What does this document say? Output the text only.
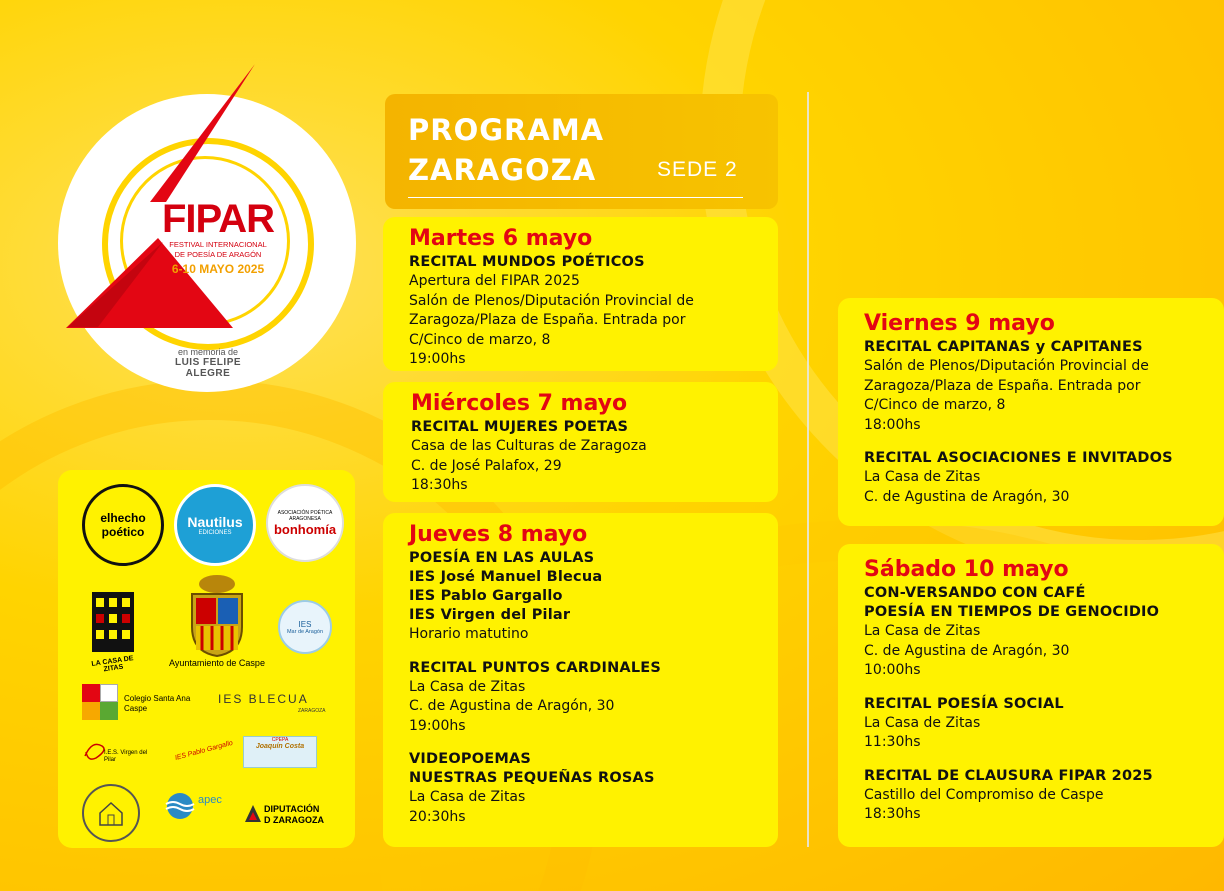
FIPAR
FESTIVAL INTERNACIONAL
DE POESÍA DE ARAGÓN
6-10 MAYO 2025
en memoria de
LUIS FELIPE ALEGRE
PROGRAMA
ZARAGOZA	SEDE 2
Martes 6 mayo
RECITAL MUNDOS POÉTICOS
Apertura del FIPAR 2025
Salón de Plenos/Diputación Provincial de
Zaragoza/Plaza de España. Entrada por
C/Cinco de marzo, 8
19:00hs
Miércoles 7 mayo
RECITAL MUJERES POETAS
Casa de las Culturas de Zaragoza
C. de José Palafox, 29
18:30hs
Jueves 8 mayo
POESÍA EN LAS AULAS
IES José Manuel Blecua
IES Pablo Gargallo
IES Virgen del Pilar
Horario matutino
RECITAL PUNTOS CARDINALES
La Casa de Zitas
C. de Agustina de Aragón, 30
19:00hs
VIDEOPOEMAS
NUESTRAS PEQUEÑAS ROSAS
La Casa de Zitas
20:30hs
Viernes 9 mayo
RECITAL CAPITANAS y CAPITANES
Salón de Plenos/Diputación Provincial de
Zaragoza/Plaza de España. Entrada por
C/Cinco de marzo, 8
18:00hs
RECITAL ASOCIACIONES E INVITADOS
La Casa de Zitas
C. de Agustina de Aragón, 30
Sábado 10 mayo
CON-VERSANDO CON CAFÉ
POESÍA EN TIEMPOS DE GENOCIDIO
La Casa de Zitas
C. de Agustina de Aragón, 30
10:00hs
RECITAL POESÍA SOCIAL
La Casa de Zitas
11:30hs
RECITAL DE CLAUSURA FIPAR 2025
Castillo del Compromiso de Caspe
18:30hs
elhecho poético
Nautilus
EDICIONES
ASOCIACIÓN POÉTICA ARAGONESA
bonhomía
LA CASA DE ZITAS
Ayuntamiento de Caspe
IES
Mar de Aragón
Colegio Santa Ana Caspe
IES BLECUA
ZARAGOZA
I.E.S. Virgen del Pilar	IES Pablo Gargallo	CPEPA
Joaquín Costa
apec
DIPUTACIÓN
D ZARAGOZA
